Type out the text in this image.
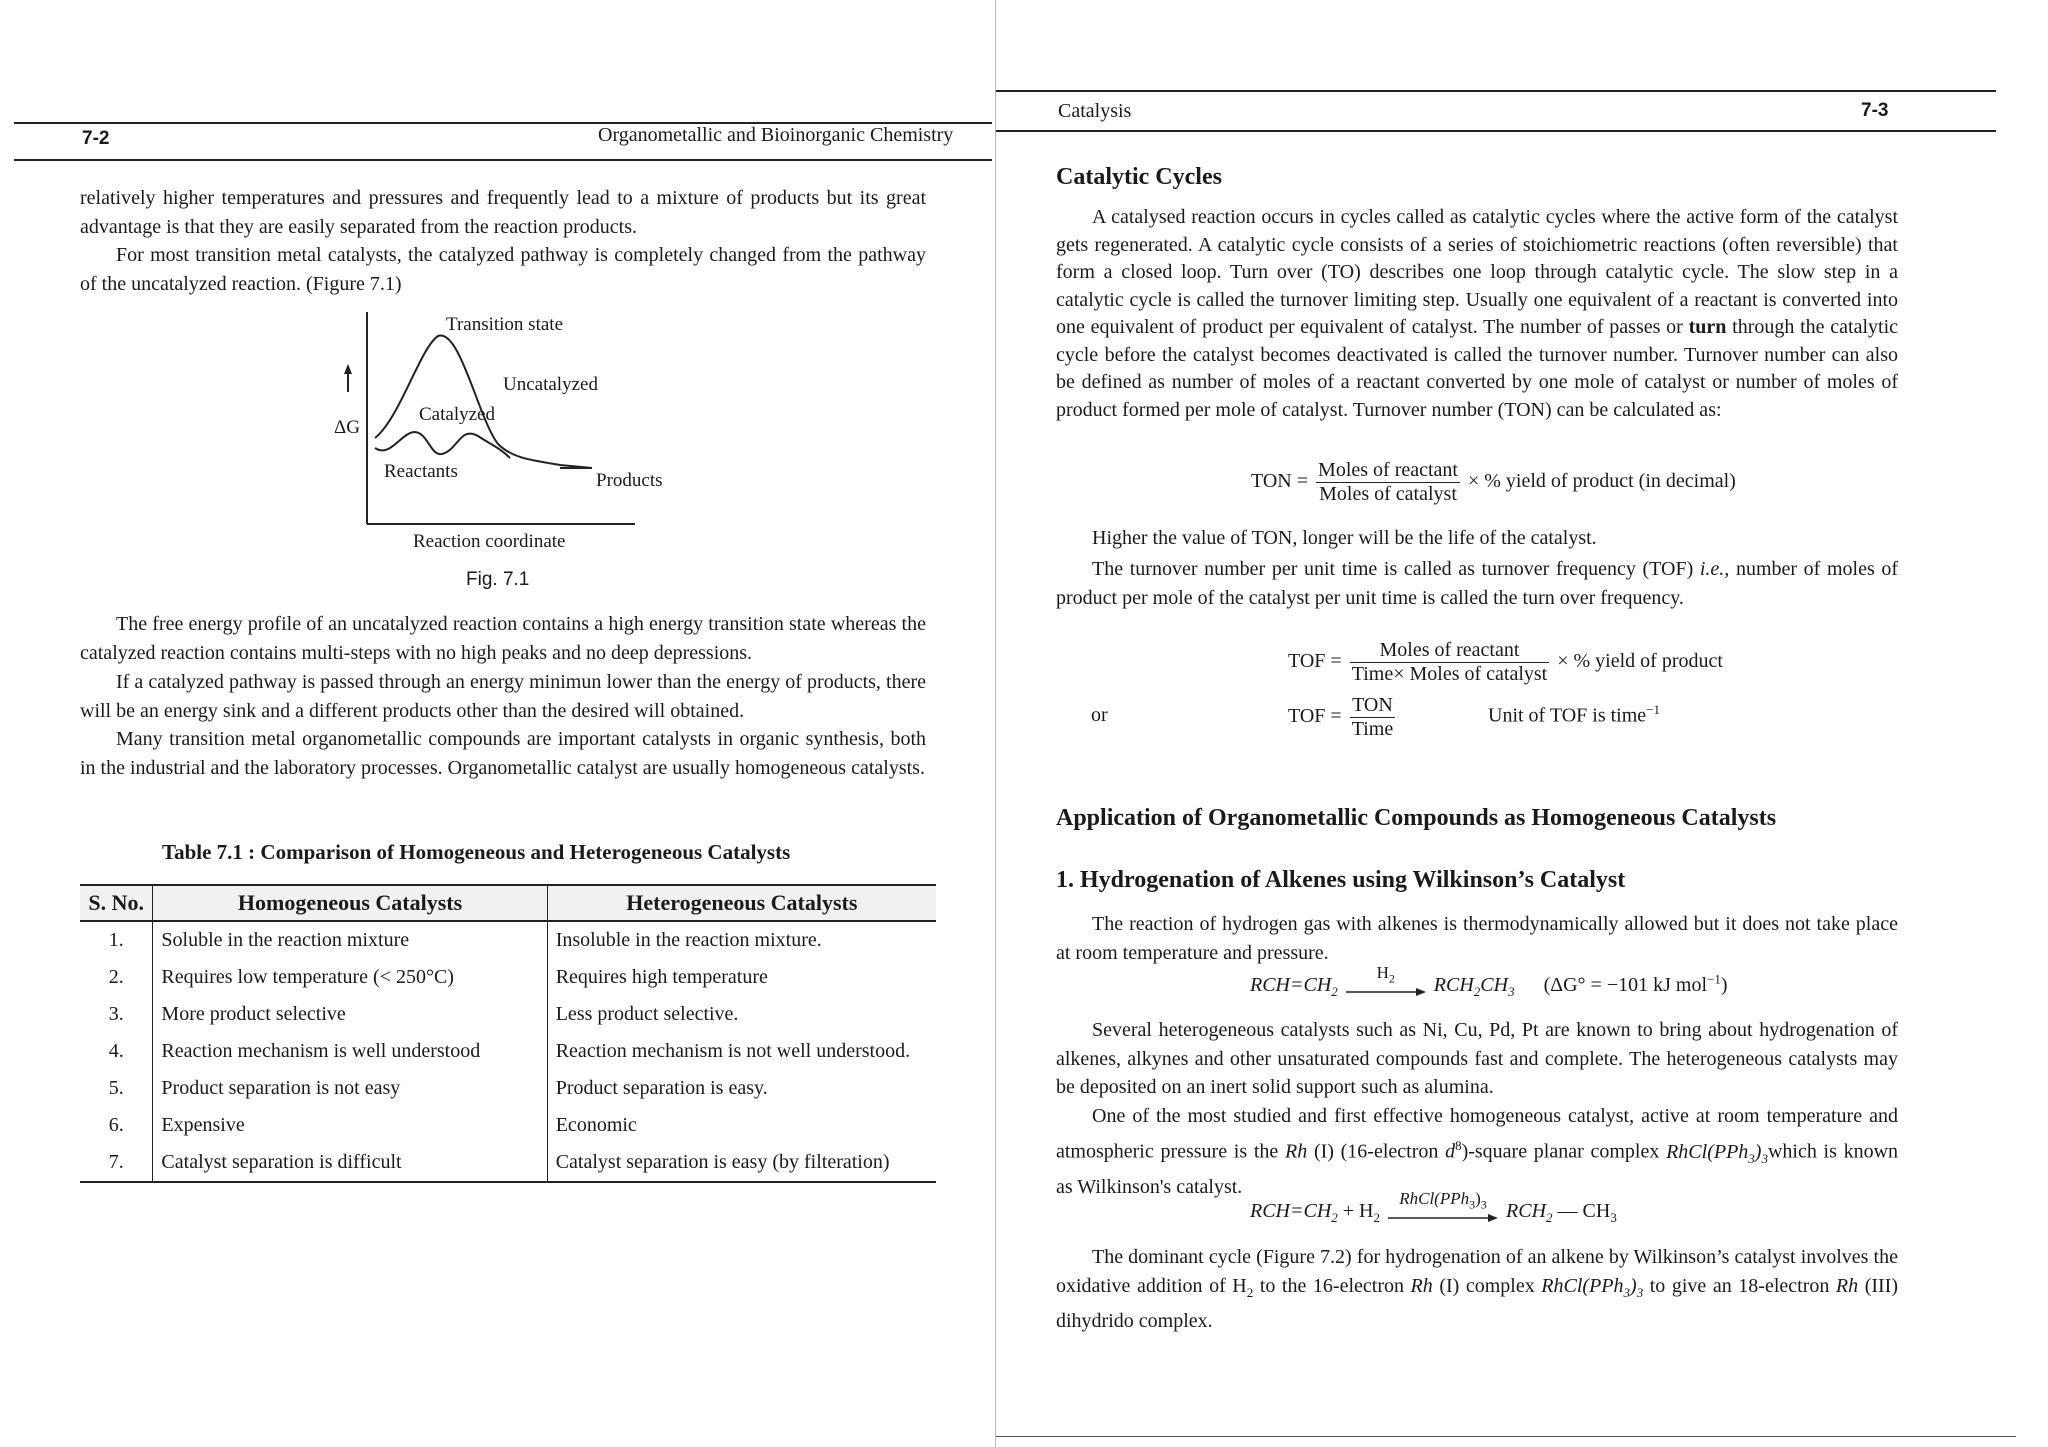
7-2	Organometallic and Bioinorganic Chemistry

relatively higher temperatures and pressures and frequently lead to a mixture of products but its great advantage is that they are easily separated from the reaction products.

For most transition metal catalysts, the catalyzed pathway is completely changed from the pathway of the uncatalyzed reaction. (Figure 7.1)

Transition state
Uncatalyzed
Catalyzed
ΔG
Reactants	Products
Reaction coordinate
Fig. 7.1

The free energy profile of an uncatalyzed reaction contains a high energy transition state whereas the catalyzed reaction contains multi-steps with no high peaks and no deep depressions.

If a catalyzed pathway is passed through an energy minimun lower than the energy of products, there will be an energy sink and a different products other than the desired will obtained.

Many transition metal organometallic compounds are important catalysts in organic synthesis, both in the industrial and the laboratory processes. Organometallic catalyst are usually homogeneous catalysts.

Table 7.1 : Comparison of Homogeneous and Heterogeneous Catalysts
S. No.	Homogeneous Catalysts	Heterogeneous Catalysts
1.	Soluble in the reaction mixture	Insoluble in the reaction mixture.
2.	Requires low temperature (< 250°C)	Requires high temperature
3.	More product selective	Less product selective.
4.	Reaction mechanism is well understood	Reaction mechanism is not well understood.
5.	Product separation is not easy	Product separation is easy.
6.	Expensive	Economic
7.	Catalyst separation is difficult	Catalyst separation is easy (by filteration)
Catalysis	7-3
Catalytic Cycles

A catalysed reaction occurs in cycles called as catalytic cycles where the active form of the catalyst gets regenerated. A catalytic cycle consists of a series of stoichiometric reactions (often reversible) that form a closed loop. Turn over (TO) describes one loop through catalytic cycle. The slow step in a catalytic cycle is called the turnover limiting step. Usually one equivalent of a reactant is converted into one equivalent of product per equivalent of catalyst. The number of passes or turn through the catalytic cycle before the catalyst becomes deactivated is called the turnover number. Turnover number can also be defined as number of moles of a reactant converted by one mole of catalyst or number of moles of product formed per mole of catalyst. Turnover number (TON) can be calculated as:

TON = $\frac{\text{Moles of reactant}}{\text{Moles of catalyst}}$ × % yield of product (in decimal)

Higher the value of TON, longer will be the life of the catalyst.

The turnover number per unit time is called as turnover frequency (TOF) i.e., number of moles of product per mole of the catalyst per unit time is called the turn over frequency.

TOF = $\frac{\text{Moles of reactant}}{\text{Time× Moles of catalyst}}$ × % yield of product
or	TOF = $\frac{\text{TON}}{\text{Time}}$	Unit of TOF is time$^{-1}$
Application of Organometallic Compounds as Homogeneous Catalysts
1. Hydrogenation of Alkenes using Wilkinson’s Catalyst

The reaction of hydrogen gas with alkenes is thermodynamically allowed but it does not take place at room temperature and pressure.

$RCH=CH_2$
$H_2$	$RCH_2CH_3$ (ΔG° = −101 kJ mol$^{-1}$)

Several heterogeneous catalysts such as Ni, Cu, Pd, Pt are known to bring about hydrogenation of alkenes, alkynes and other unsaturated compounds fast and complete. The heterogeneous catalysts may be deposited on an inert solid support such as alumina.

One of the most studied and first effective homogeneous catalyst, active at room temperature and atmospheric pressure is the Rh (I) (16-electron $d^8$)-square planar complex $RhCl(PPh_3)_3which$ is known as Wilkinson's catalyst.

$RCH=CH_2 + H_2$
$RhCl(PPh_3)_3$ $RCH_2$ — $CH_3$

The dominant cycle (Figure 7.2) for hydrogenation of an alkene by Wilkinson’s catalyst involves the oxidative addition of $H_2$ to the 16-electron Rh (I) complex $RhCl(PPh_3)_3$ to give an 18-electron Rh (III) dihydrido complex.
